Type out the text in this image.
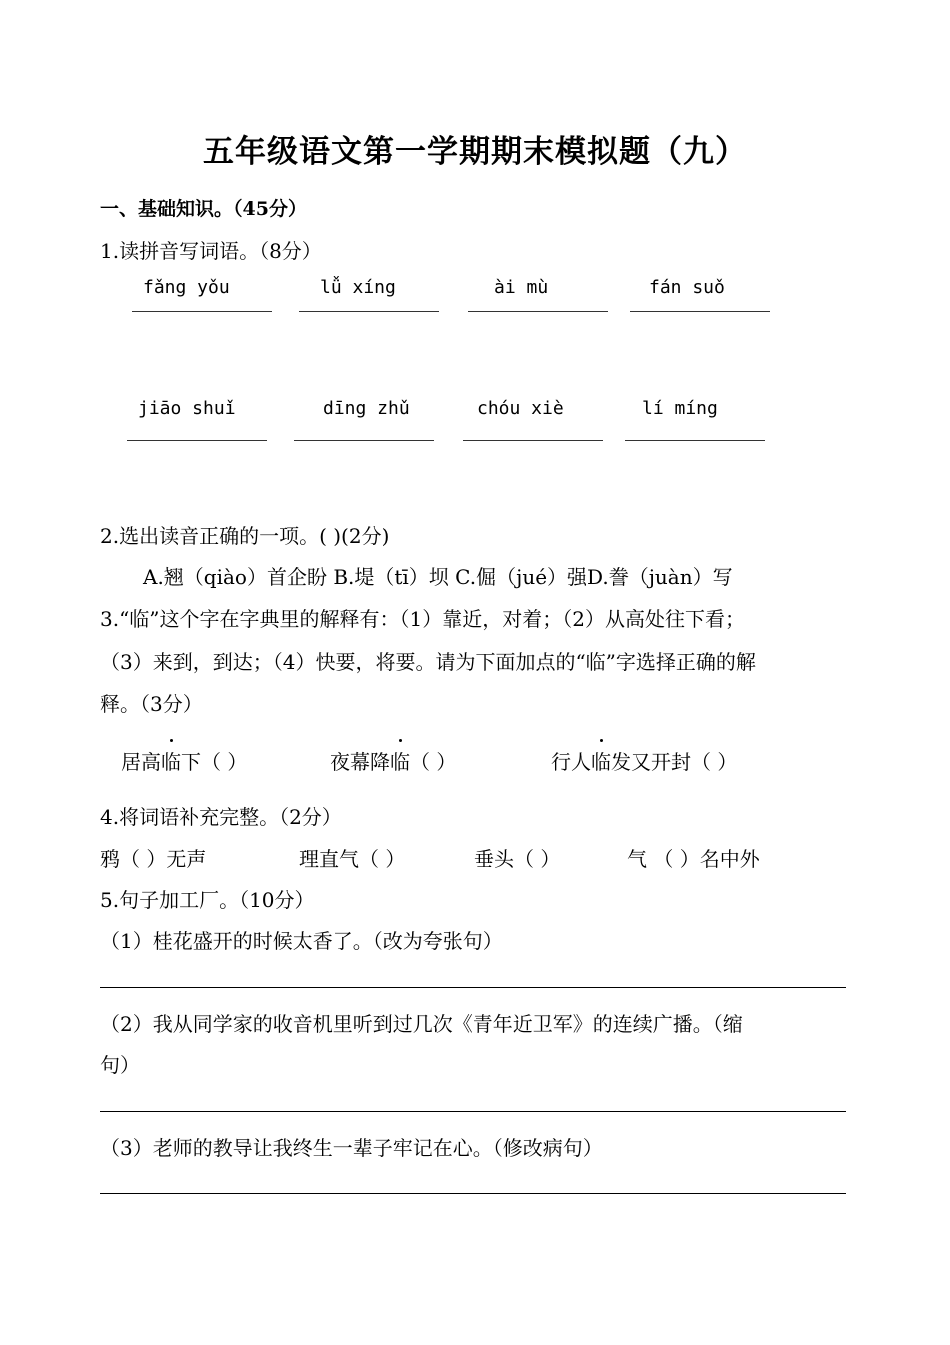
五年级语文第一学期期末模拟题（九）
一、基础知识。（45分）
1.读拼音写词语。（8分）
fǎng yǒu	lǚ xíng	ài mù	fán suǒ
jiāo shuǐ	dīng zhǔ	chóu xiè	lí míng
2.选出读音正确的一项。( )(2分)
A.翘（qiào）首企盼 B.堤（tī）坝 C.倔（jué）强D.誊（juàn）写
3.“临”这个字在字典里的解释有：（1）靠近，对着；（2）从高处往下看；
（3）来到，到达；（4）快要，将要。请为下面加点的“临”字选择正确的解
释。（3分）
居高临下（ ）	夜幕降临（ ）	行人临发又开封（ ）
4.将词语补充完整。（2分）
鸦（ ）无声	理直气（ ）	垂头（ ）	气 （ ）名中外
5.句子加工厂。（10分）
（1）桂花盛开的时候太香了。（改为夸张句）
（2）我从同学家的收音机里听到过几次《青年近卫军》的连续广播。（缩
句）
（3）老师的教导让我终生一辈子牢记在心。（修改病句）
